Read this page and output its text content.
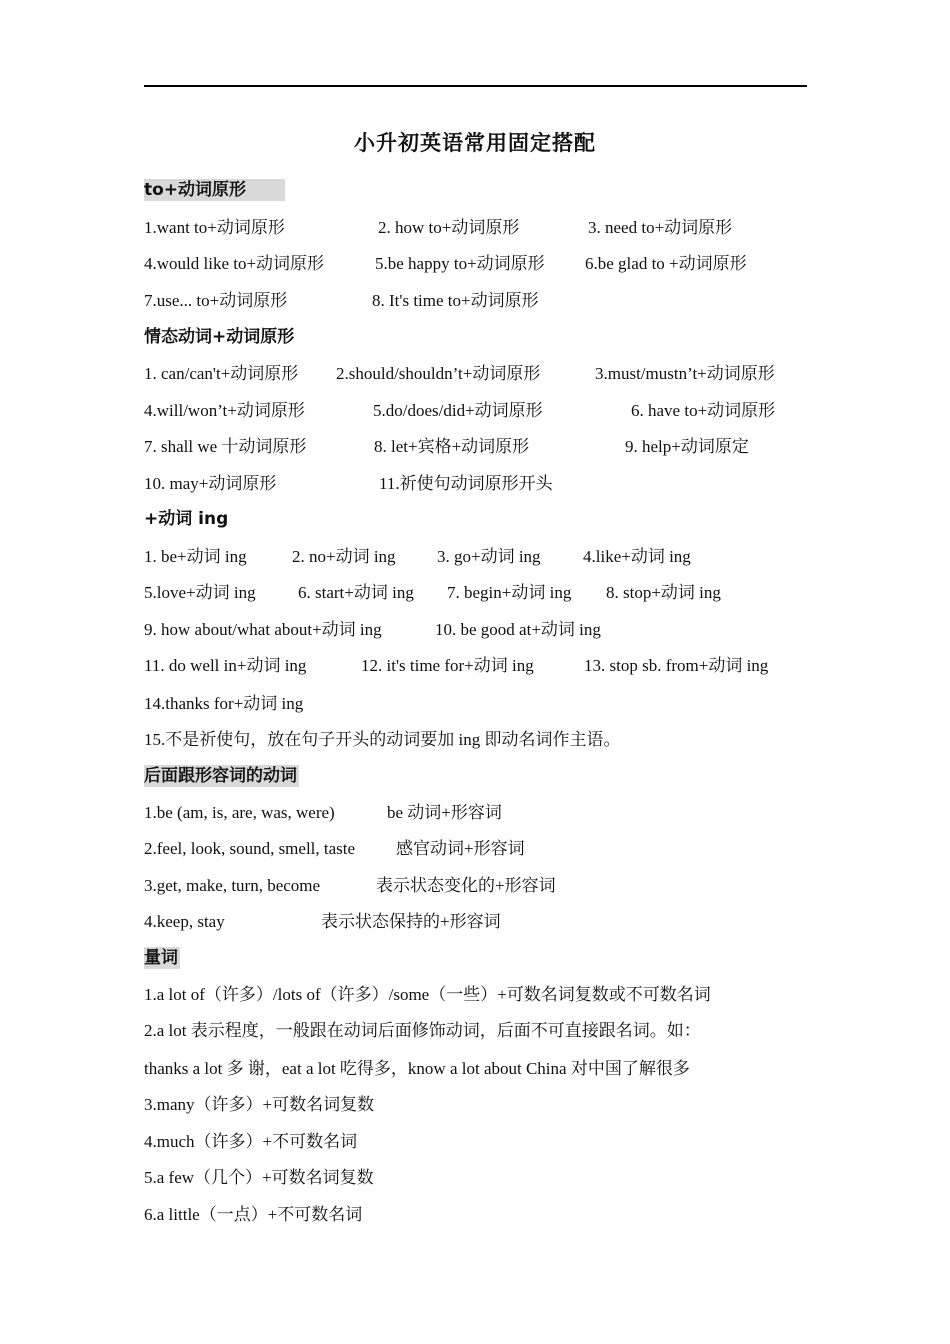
小升初英语常用固定搭配
to+动词原形
1.want to+动词原形	2. how to+动词原形	3. need to+动词原形
4.would like to+动词原形	5.be happy to+动词原形 6.be glad to +动词原形
7.use... to+动词原形	8. It's time to+动词原形
情态动词+动词原形
1. can/can't+动词原形 2.should/shouldn’t+动词原形	3.must/mustn’t+动词原形
4.will/won’t+动词原形	5.do/does/did+动词原形	6. have to+动词原形
7. shall we 十动词原形	8. let+宾格+动词原形	9. help+动词原定
10. may+动词原形	11.祈使句动词原形开头
+动词 ing
1. be+动词 ing	2. no+动词 ing 3. go+动词 ing 4.like+动词 ing
5.love+动词 ing 6. start+动词 ing 7. begin+动词 ing 8. stop+动词 ing
9. how about/what about+动词 ing	10. be good at+动词 ing
11. do well in+动词 ing	12. it's time for+动词 ing	13. stop sb. from+动词 ing
14.thanks for+动词 ing
15.不是祈使句，放在句子开头的动词要加 ing 即动名词作主语。
后面跟形容词的动词
1.be (am, is, are, was, were)	be 动词+形容词
2.feel, look, sound, smell, taste 感官动词+形容词
3.get, make, turn, become	表示状态变化的+形容词
4.keep, stay	表示状态保持的+形容词
量词
1.a lot of（许多）/lots of（许多）/some（一些）+可数名词复数或不可数名词
2.a lot 表示程度，一般跟在动词后面修饰动词，后面不可直接跟名词。如：
thanks a lot 多 谢，eat a lot 吃得多，know a lot about China 对中国了解很多
3.many（许多）+可数名词复数
4.much（许多）+不可数名词
5.a few（几个）+可数名词复数
6.a little（一点）+不可数名词
